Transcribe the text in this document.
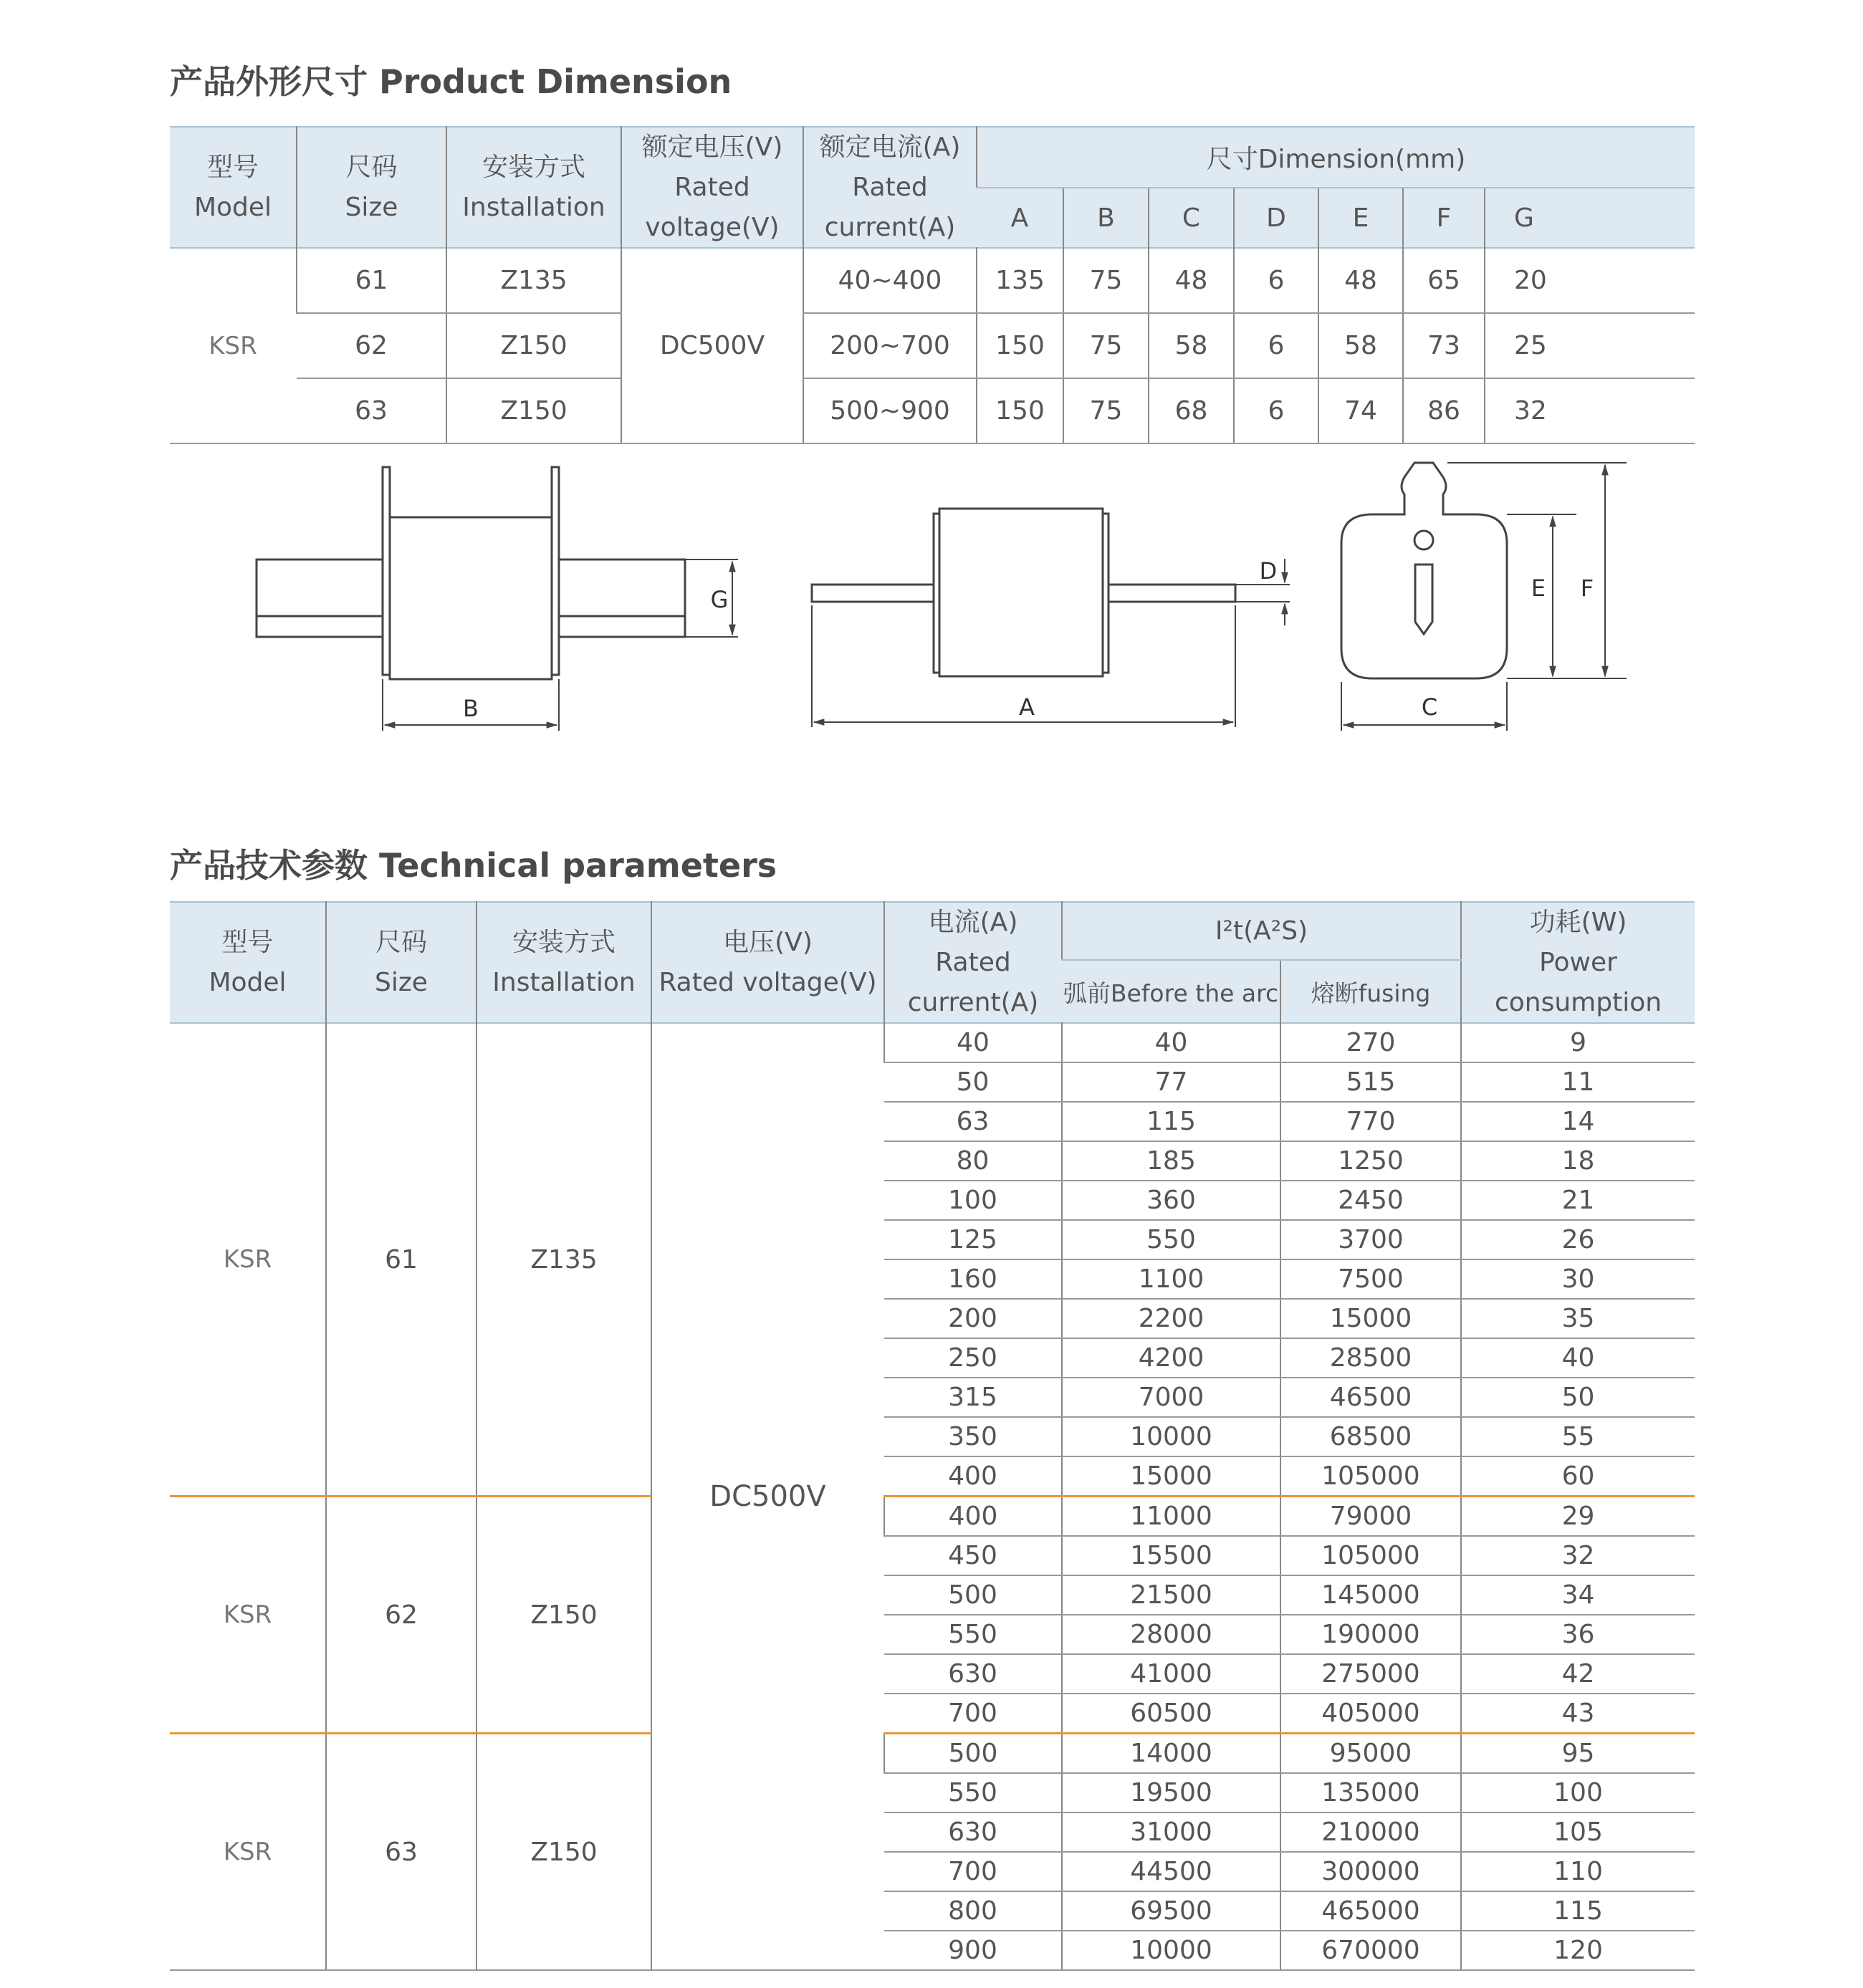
产品外形尺寸 Product Dimension
型号
Model	尺码
Size	安装方式
Installation	额定电压(V)
Rated voltage(V)	额定电流(A)
Rated current(A)	尺寸Dimension(mm)						
					A	B	C	D	E	F	G
KSR	61	Z135	DC500V	40~400	135	75	48	6	48	65	20
	62	Z150		200~700	150	75	58	6	58	73	25
	63	Z150		500~900	150	75	68	6	74	86	32
B
G
A
D
C
E F
产品技术参数 Technical parameters
型号
Model	尺码
Size	安装方式
Installation	电压(V)
Rated voltage(V)	电流(A)
Rated current(A)	I²t(A²S)		功耗(W)
Power consumption

					弧前Before the arc	熔断fusing	
KSR	61	Z135	DC500V	40	40	270	9
				50	77	515	11
				63	115	770	14
				80	185	1250	18
				100	360	2450	21
				125	550	3700	26
				160	1100	7500	30
				200	2200	15000	35
				250	4200	28500	40
				315	7000	46500	50
				350	10000	68500	55
				400	15000	105000	60
KSR	62	Z150		400	11000	79000	29
				450	15500	105000	32
				500	21500	145000	34
				550	28000	190000	36
				630	41000	275000	42
				700	60500	405000	43
KSR	63	Z150		500	14000	95000	95
				550	19500	135000	100
				630	31000	210000	105
				700	44500	300000	110
				800	69500	465000	115
				900	10000	670000	120
